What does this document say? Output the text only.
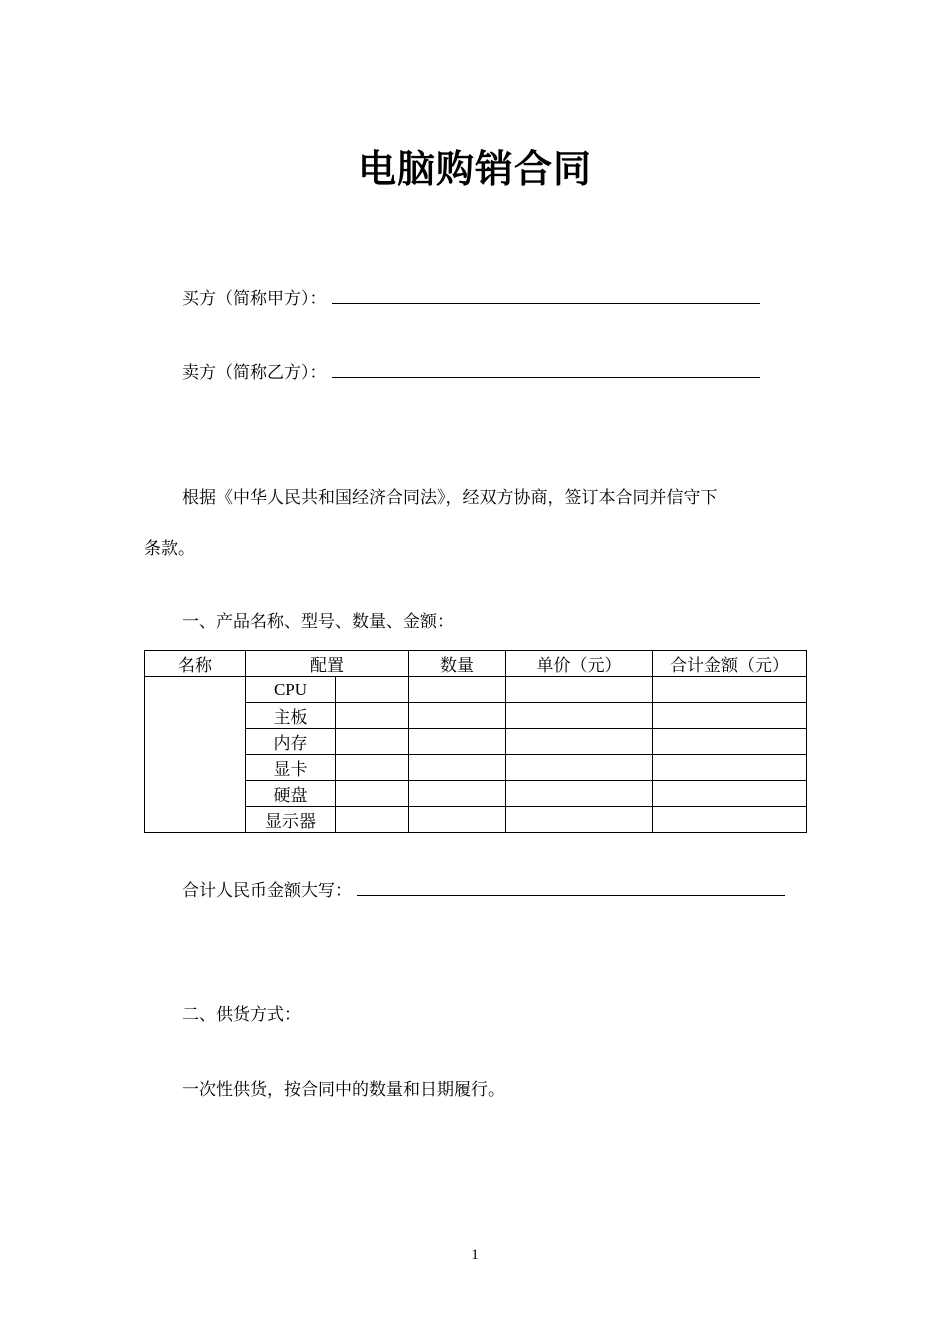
电脑购销合同
买方（简称甲方）：
卖方（简称乙方）：
根据《中华人民共和国经济合同法》，经双方协商，签订本合同并信守下
条款。
一、产品名称、型号、数量、金额：
名称	配置		数量	单价（元）	合计金额（元）
	CPU				
	主板				
	内存				
	显卡				
	硬盘				
	显示器				
合计人民币金额大写：
二、供货方式：
一次性供货，按合同中的数量和日期履行。
1
